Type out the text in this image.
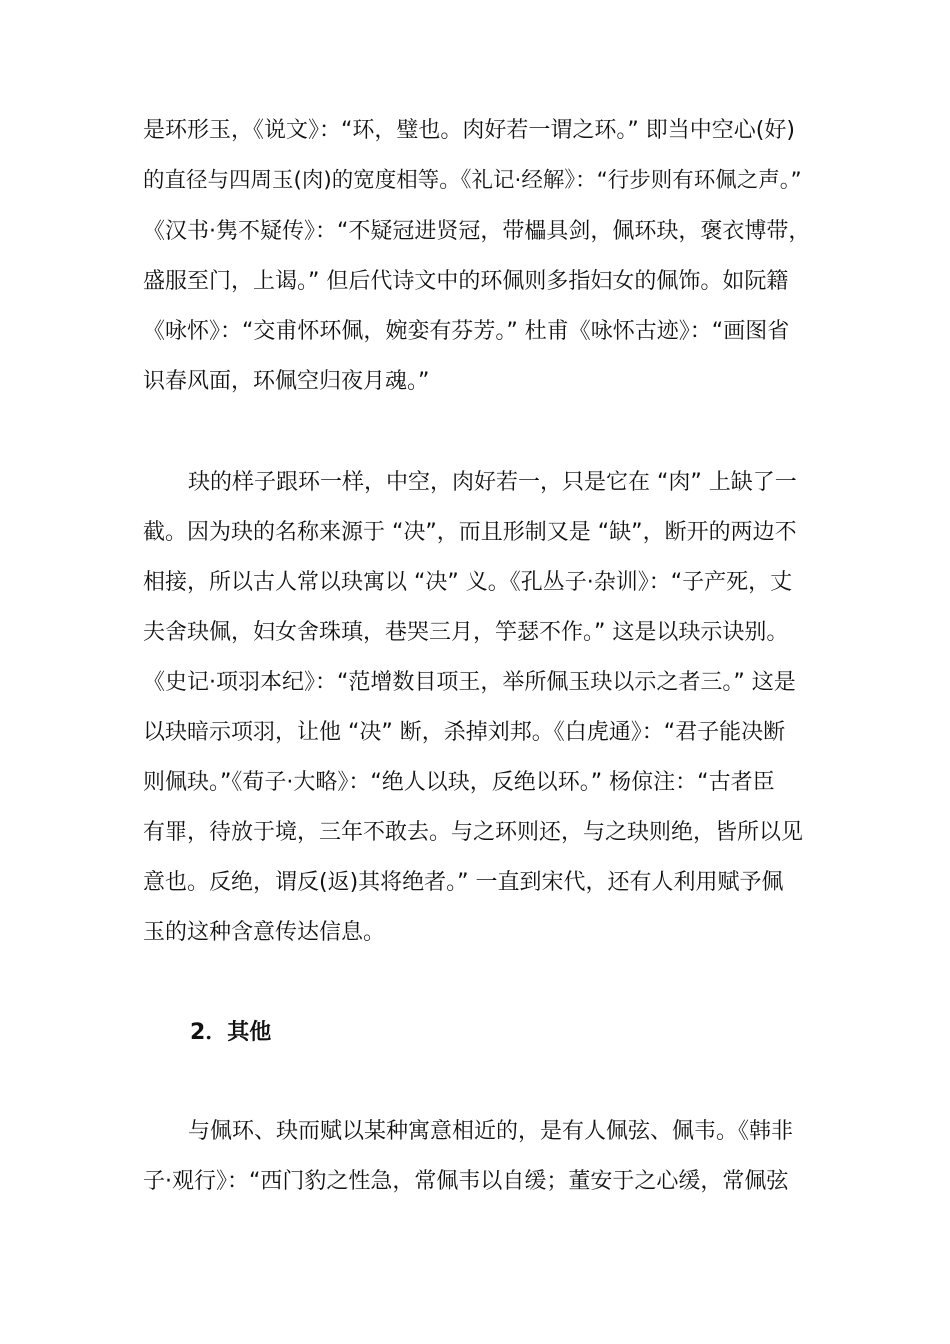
是环形玉，《说文》：“环，璧也。肉好若一谓之环。” 即当中空心(好)
的直径与四周玉(肉)的宽度相等。《礼记·经解》：“行步则有环佩之声。”
《汉书·隽不疑传》：“不疑冠进贤冠，带櫑具剑，佩环玦，褒衣博带，
盛服至门，上谒。” 但后代诗文中的环佩则多指妇女的佩饰。如阮籍
《咏怀》：“交甫怀环佩，婉娈有芬芳。” 杜甫《咏怀古迹》：“画图省
识春风面，环佩空归夜月魂。”
玦的样子跟环一样，中空，肉好若一，只是它在 “肉” 上缺了一
截。因为玦的名称来源于 “决”，而且形制又是 “缺”，断开的两边不
相接，所以古人常以玦寓以 “决” 义。《孔丛子·杂训》：“子产死，丈
夫舍玦佩，妇女舍珠瑱，巷哭三月，竽瑟不作。” 这是以玦示诀别。
《史记·项羽本纪》：“范增数目项王，举所佩玉玦以示之者三。” 这是
以玦暗示项羽，让他 “决” 断，杀掉刘邦。《白虎通》：“君子能决断
则佩玦。”《荀子·大略》：“绝人以玦，反绝以环。” 杨倞注：“古者臣
有罪，待放于境，三年不敢去。与之环则还，与之玦则绝，皆所以见
意也。反绝，谓反(返)其将绝者。” 一直到宋代，还有人利用赋予佩
玉的这种含意传达信息。
2．其他
与佩环、玦而赋以某种寓意相近的，是有人佩弦、佩韦。《韩非
子·观行》：“西门豹之性急，常佩韦以自缓；董安于之心缓，常佩弦
